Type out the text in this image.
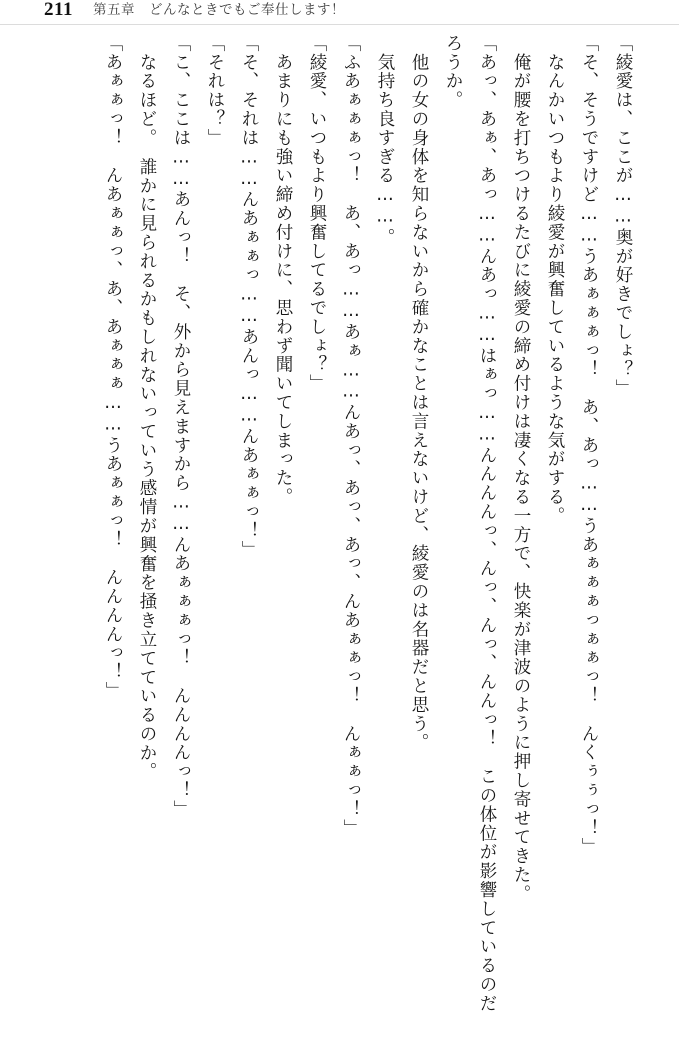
211 第五章　どんなときでもご奉仕します！

「綾愛は、ここが……奥が好きでしょ？」

「そ、そうですけど……うあぁぁぁっ！　あ、あっ……うあぁぁぁっぁぁっ！　んくぅぅっ！」

　なんかいつもより綾愛が興奮しているような気がする。

　俺が腰を打ちつけるたびに綾愛の締め付けは凄くなる一方で、快楽が津波のように押し寄せてきた。

「あっ、あぁ、あっ……んあっ……はぁっ……んんんんっ、んっ、んっ、んんっ！　この体位が影響しているのだろうか。

　他の女の身体を知らないから確かなことは言えないけど、綾愛のは名器だと思う。

　気持ち良すぎる……。

「ふあぁぁぁっ！　あ、あっ……あぁ……んあっ、あっ、あっ、んあぁぁっ！　んぁぁっ！」

「綾愛、いつもより興奮してるでしょ？」

　あまりにも強い締め付けに、思わず聞いてしまった。

「そ、それは……んあぁぁっ……あんっ……んあぁぁっ！」

「それは？」

「こ、ここは……あんっ！　そ、外から見えますから……んあぁぁぁっ！　んんんんっ！」

　なるほど。　誰かに見られるかもしれないっていう感情が興奮を掻き立てているのか。

「あぁぁっ！　んあぁぁっ、あ、あぁぁぁ……うあぁぁっ！　んんんんっ！」
